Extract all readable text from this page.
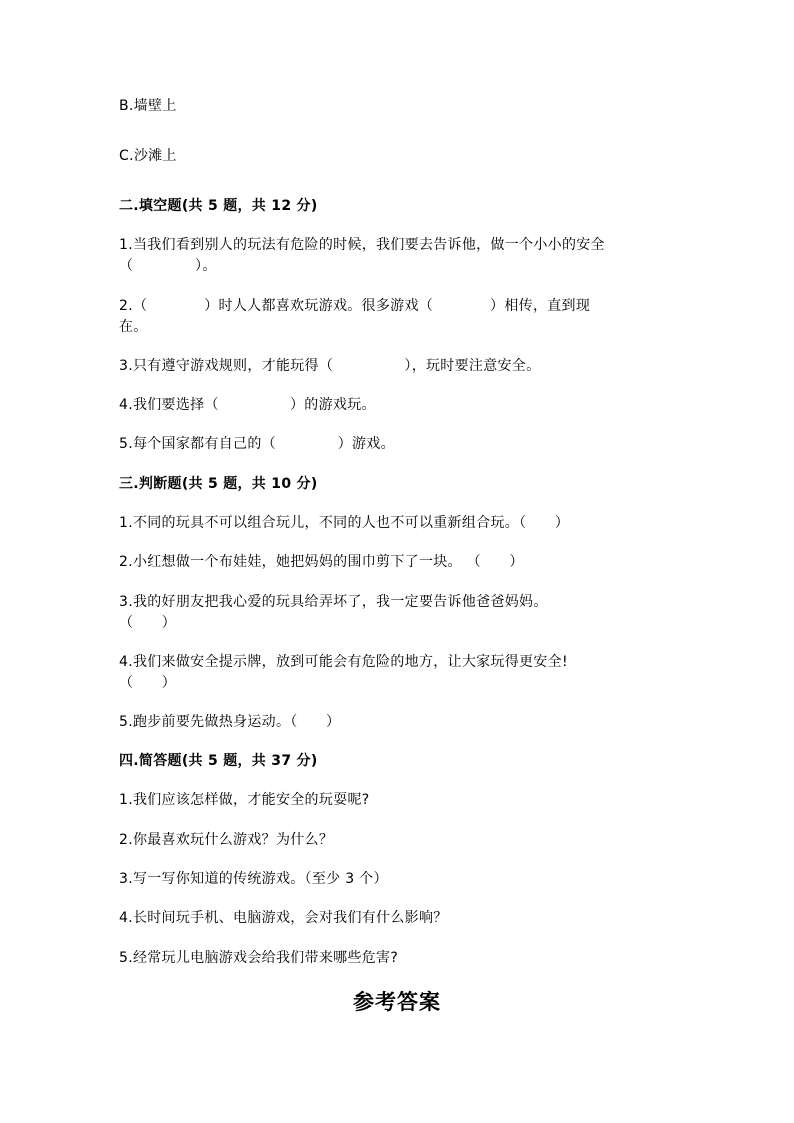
B.墙壁上
C.沙滩上
二.填空题(共 5 题，共 12 分)
1.当我们看到别人的玩法有危险的时候，我们要去告诉他，做一个小小的安全
（             ）。
2.（            ）时人人都喜欢玩游戏。很多游戏（            ）相传，直到现
在。
3.只有遵守游戏规则，才能玩得（               ），玩时要注意安全。
4.我们要选择（               ）的游戏玩。
5.每个国家都有自己的（             ）游戏。
三.判断题(共 5 题，共 10 分)
1.不同的玩具不可以组合玩儿，不同的人也不可以重新组合玩。（      ）
2.小红想做一个布娃娃，她把妈妈的围巾剪下了一块。 （      ）
3.我的好朋友把我心爱的玩具给弄坏了，我一定要告诉他爸爸妈妈。
（      ）
4.我们来做安全提示牌，放到可能会有危险的地方，让大家玩得更安全!
（      ）
5.跑步前要先做热身运动。（      ）
四.简答题(共 5 题，共 37 分)
1.我们应该怎样做，才能安全的玩耍呢?
2.你最喜欢玩什么游戏？为什么？
3.写一写你知道的传统游戏。（至少 3 个）
4.长时间玩手机、电脑游戏，会对我们有什么影响？
5.经常玩儿电脑游戏会给我们带来哪些危害?
参考答案
